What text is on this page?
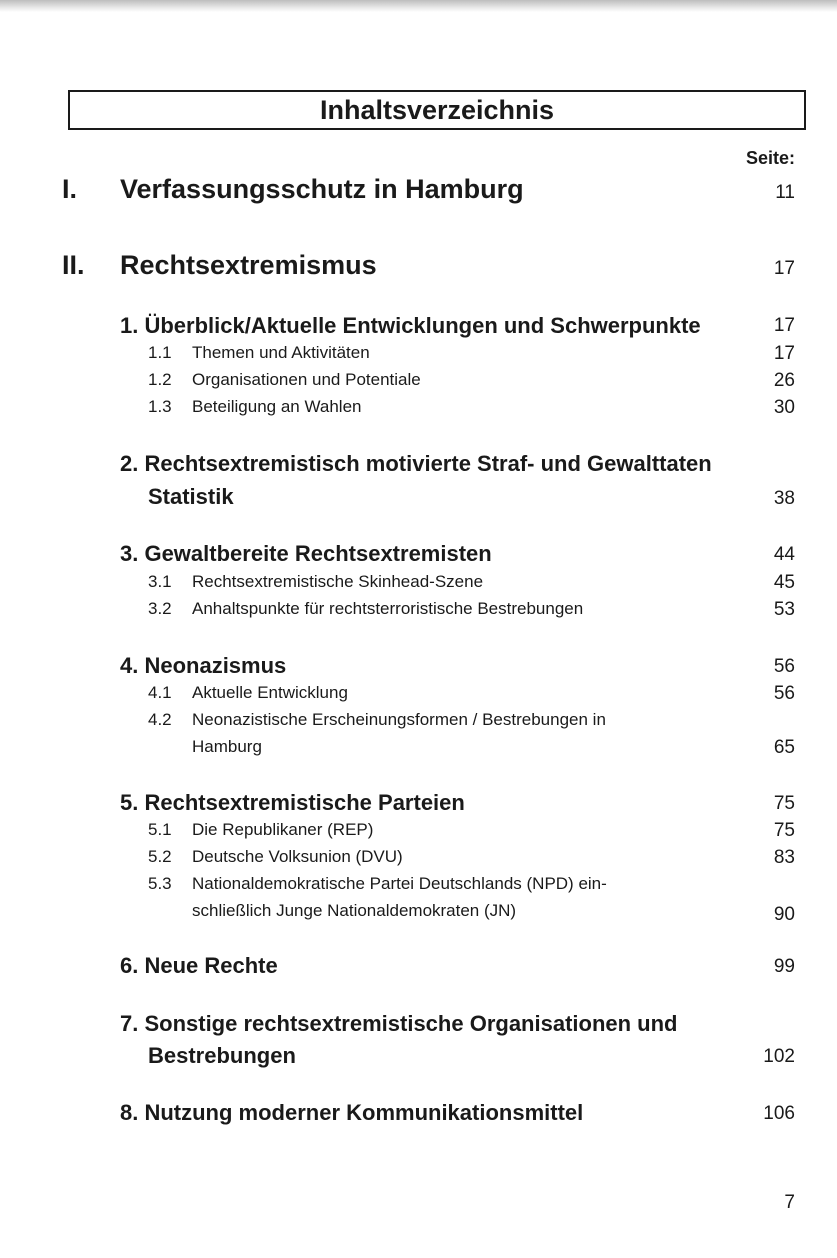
Inhaltsverzeichnis
Seite:
I. Verfassungsschutz in Hamburg	11
II. Rechtsextremismus	17
1. Überblick/Aktuelle Entwicklungen und Schwerpunkte	17
1.1 Themen und Aktivitäten	17
1.2 Organisationen und Potentiale	26
1.3 Beteiligung an Wahlen	30
2. Rechtsextremistisch motivierte Straf- und Gewalttaten
Statistik	38
3. Gewaltbereite Rechtsextremisten	44
3.1 Rechtsextremistische Skinhead-Szene	45
3.2 Anhaltspunkte für rechtsterroristische Bestrebungen	53
4. Neonazismus	56
4.1 Aktuelle Entwicklung	56
4.2 Neonazistische Erscheinungsformen / Bestrebungen in
Hamburg	65
5. Rechtsextremistische Parteien	75
5.1 Die Republikaner (REP)	75
5.2 Deutsche Volksunion (DVU)	83
5.3 Nationaldemokratische Partei Deutschlands (NPD) ein-
schließlich Junge Nationaldemokraten (JN)	90
6. Neue Rechte	99
7. Sonstige rechtsextremistische Organisationen und
Bestrebungen	102
8. Nutzung moderner Kommunikationsmittel	106
7
